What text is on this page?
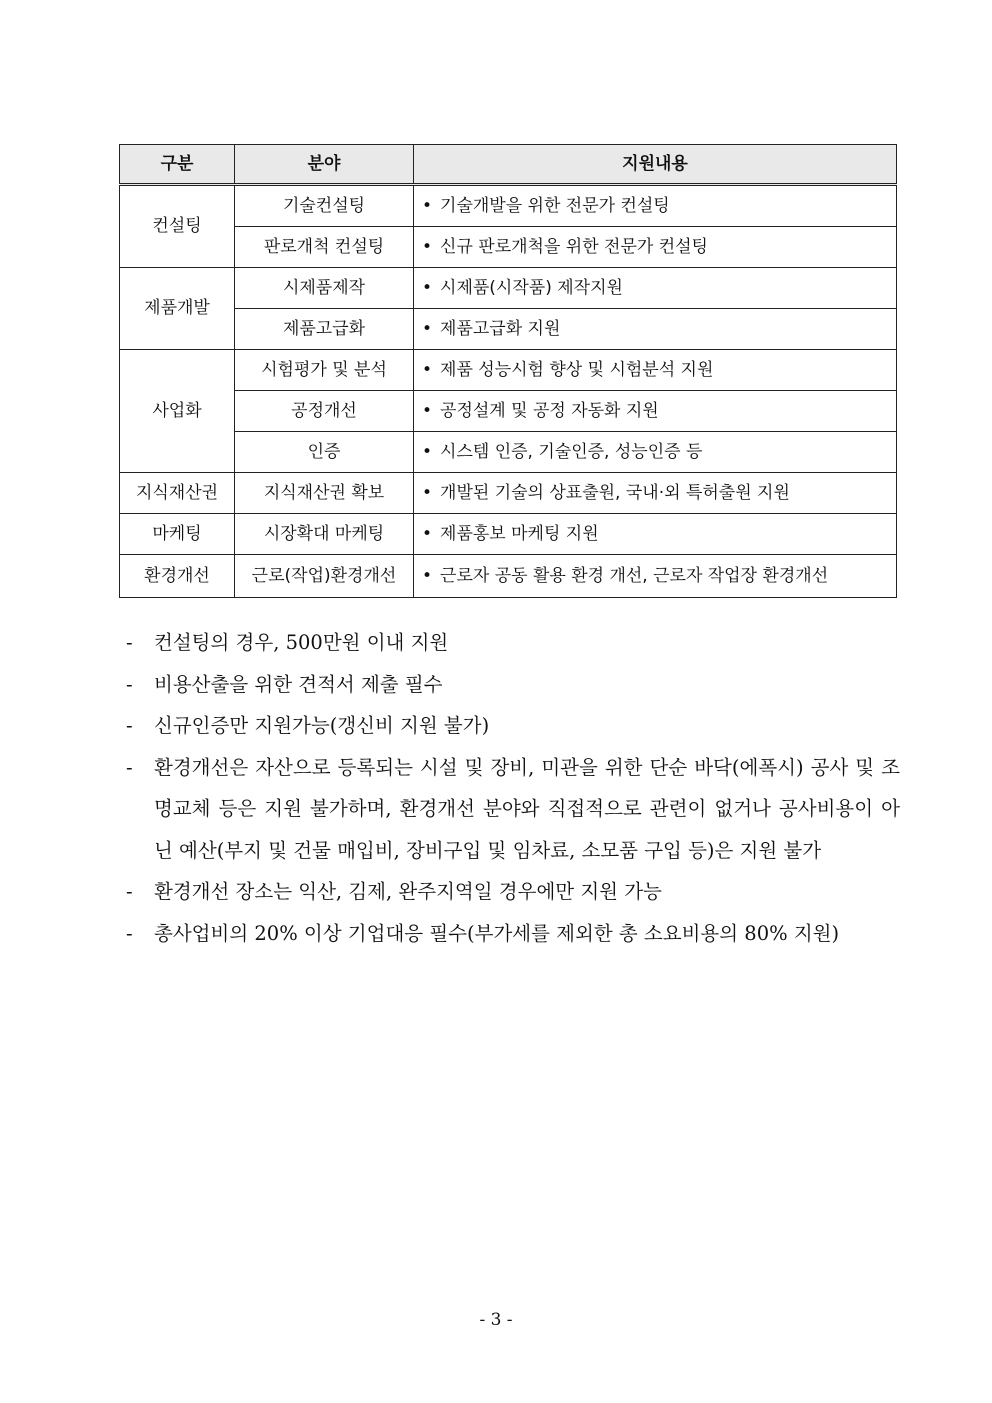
구분	분야	지원내용
컨설팅	기술컨설팅	• 기술개발을 위한 전문가 컨설팅
	판로개척 컨설팅	• 신규 판로개척을 위한 전문가 컨설팅
제품개발	시제품제작	• 시제품(시작품) 제작지원
	제품고급화	• 제품고급화 지원
사업화	시험평가 및 분석	• 제품 성능시험 향상 및 시험분석 지원
	공정개선	• 공정설계 및 공정 자동화 지원
	인증	• 시스템 인증, 기술인증, 성능인증 등
지식재산권	지식재산권 확보	• 개발된 기술의 상표출원, 국내·외 특허출원 지원
마케팅	시장확대 마케팅	• 제품홍보 마케팅 지원
환경개선	근로(작업)환경개선	• 근로자 공동 활용 환경 개선, 근로자 작업장 환경개선
- 컨설팅의 경우, 500만원 이내 지원
- 비용산출을 위한 견적서 제출 필수
- 신규인증만 지원가능(갱신비 지원 불가)
- 환경개선은 자산으로 등록되는 시설 및 장비, 미관을 위한 단순 바닥(에폭시) 공사 및 조명교체 등은 지원 불가하며, 환경개선 분야와 직접적으로 관련이 없거나 공사비용이 아닌 예산(부지 및 건물 매입비, 장비구입 및 임차료, 소모품 구입 등)은 지원 불가
- 환경개선 장소는 익산, 김제, 완주지역일 경우에만 지원 가능
- 총사업비의 20% 이상 기업대응 필수(부가세를 제외한 총 소요비용의 80% 지원)
- 3 -
